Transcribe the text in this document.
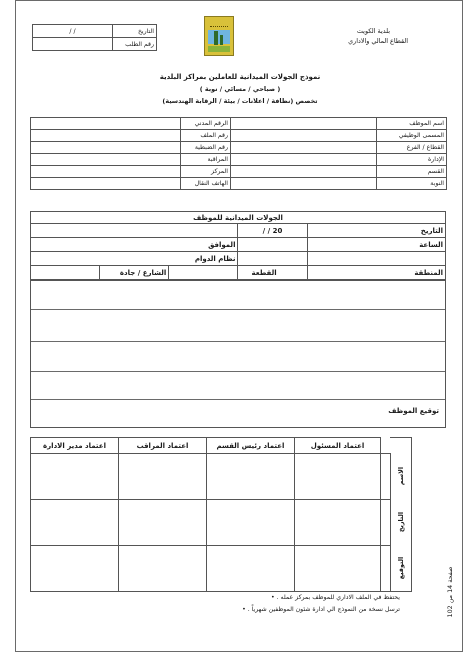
/ /	التاريخ
	رقم الطلب
بلدية الكويت
القطاع المالي والاداري
نموذج الجولات الميدانية للعاملين بمراكز البلدية
( صباحي / مسائي / نوبة )
تخصص (نظافة / اعلانات / بيئة / الرقابة الهندسية)
	الرقم المدني		اسم الموظف
	رقم الملف		المسمى الوظيفي
	رقم الضبطية		القطاع / الفرع
	المراقبة		الإدارة
	المركز		القسم
	الهاتف النقال		النوبة
الجولات الميدانية للموظف				
			20 / /	التاريخ
الموافق				الساعة
نظام الدوام				
	الشارع / جادة		القطعة	المنطقة
توقيع الموظف
اعتماد مدير الادارة	اعتماد المراقب	اعتماد رئيس القسم	اعتماد المسئول	

الاسم
التاريخ
التوقيع
يحتفظ في الملف الاداري للموظف بمركز عمله . •
ترسل نسخة من النموذج الي ادارة شئون الموظفين شهرياً . •	صفحة 14 من 102
